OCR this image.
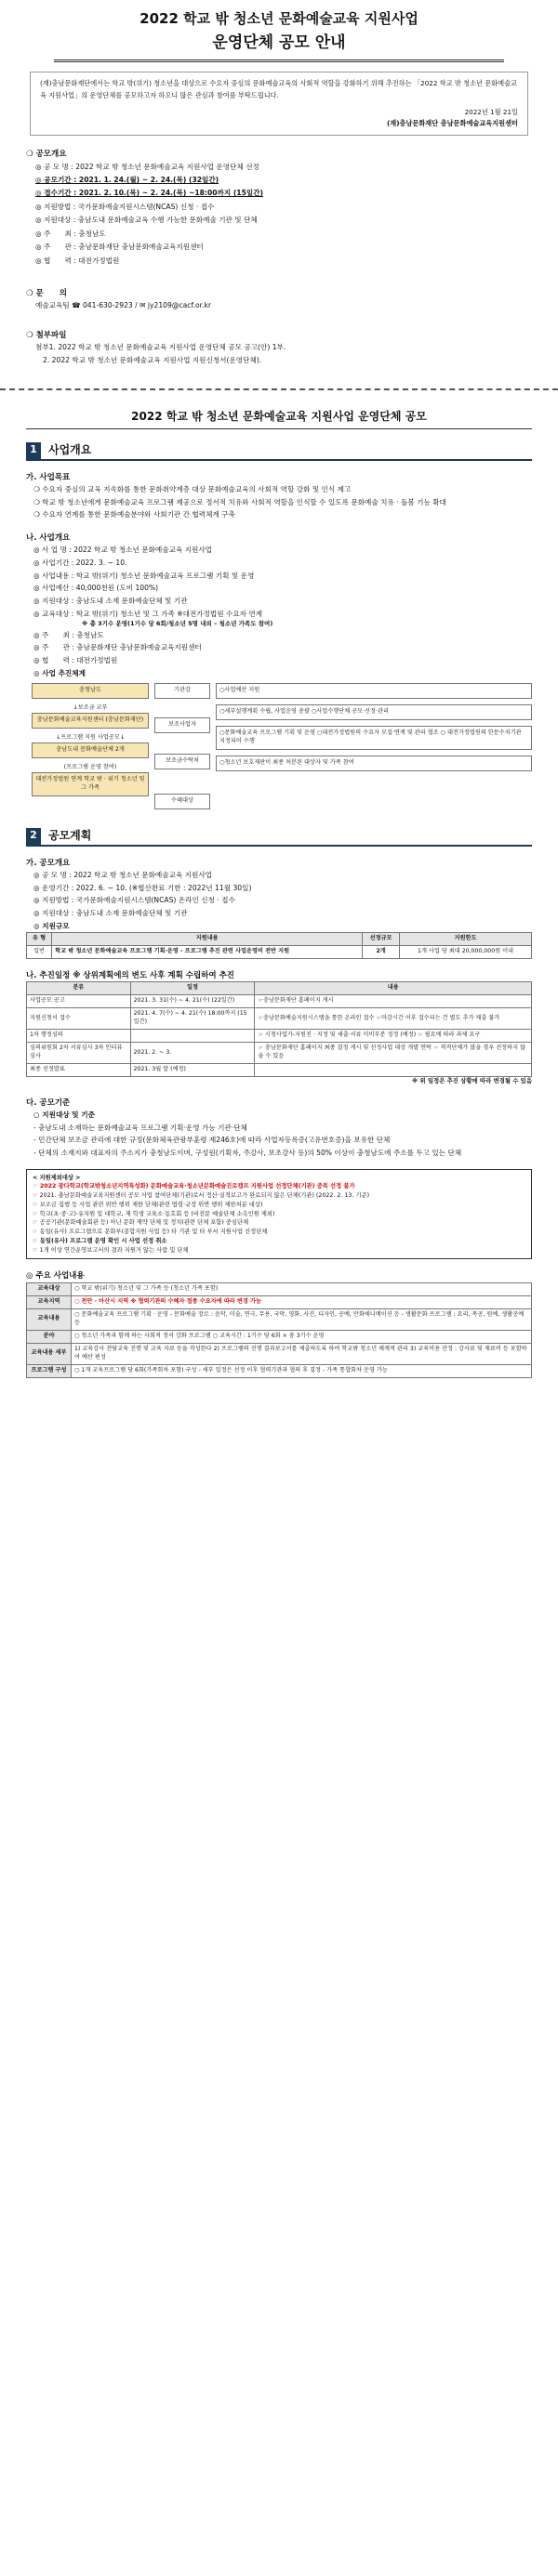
2022 학교 밖 청소년 문화예술교육 지원사업
운영단체 공모 안내
(재)충남문화재단에서는 학교 밖(위기) 청소년을 대상으로 수요자 중심의 문화예술교육의 사회적 역할을 강화하기 위해 추진하는 「2022 학교 밖 청소년 문화예술교육 지원사업」의 운영단체를 공모하고자 하오니 많은 관심과 참여를 부탁드립니다.
2022년 1월 21일
(재)충남문화재단 충남문화예술교육지원센터
❍ 공모개요
◎ 공 모 명 : 2022 학교 밖 청소년 문화예술교육 지원사업 운영단체 선정
◎ 공모기간 : 2021. 1. 24.(월) ~ 2. 24.(목) (32일간)
◎ 접수기간 : 2021. 2. 10.(목) ~ 2. 24.(목) ~18:00까지 (15일간)
◎ 지원방법 : 국가문화예술지원시스템(NCAS) 신청 · 접수
◎ 지원대상 : 충남도내 문화예술교육 수행 가능한 문화예술 기관 및 단체
◎ 주　　최 : 충청남도
◎ 주　　관 : 충남문화재단 충남문화예술교육지원센터
◎ 협　　력 : 대전가정법원
❍ 문　　의
예술교육팀 ☎ 041-630-2923 / ✉ jy2109@cacf.or.kr
❍ 첨부파일
첨부1. 2022 학교 밖 청소년 문화예술교육 지원사업 운영단체 공모 공고(안) 1부.
2. 2022 학교 밖 청소년 문화예술교육 지원사업 지원신청서(운영단체).
2022 학교 밖 청소년 문화예술교육 지원사업 운영단체 공모
1	사업개요
가. 사업목표
❍ 수요자 중심의 교육 지속화를 통한 문화취약계층 대상 문화예술교육의 사회적 역할 강화 및 인식 제고
❍ 학교 밖 청소년에게 문화예술교육 프로그램 제공으로 정서적 치유와 사회적 역할을 인식할 수 있도록 문화예술 치유 · 돌봄 기능 확대
❍ 수요자 연계를 통한 문화예술분야와 사회기관 간 협력체계 구축
나. 사업개요
◎ 사 업 명 : 2022 학교 밖 청소년 문화예술교육 지원사업
◎ 사업기간 : 2022. 3. ~ 10.
◎ 사업내용 : 학교 밖(위기) 청소년 문화예술교육 프로그램 기획 및 운영
◎ 사업예산 : 40,000천원 (도비 100%)
◎ 지원대상 : 충남도내 소재 문화예술단체 및 기관
◎ 교육대상 : 학교 밖(위기) 청소년 및 그 가족 ※대전가정법원 수요자 연계
※ 총 3기수 운영(1기수 당 6회/청소년 5명 내외 – 청소년 가족도 참여)
◎ 주　　최 : 충청남도
◎ 주　　관 : 충남문화재단 충남문화예술교육지원센터
◎ 협　　력 : 대전가정법원
◎ 사업 추진체계
충청남도
↓보조금 교부
충남문화예술교육지원센터 (충남문화재단)
↓프로그램 지원 사업공모↓
충남도내 문화예술단체 2개
(프로그램 운영 참여)
대전가정법원 연계 학교 밖 · 위기 청소년 및 그 가족
기관감
보조사업자
보조금수탁처
수혜대상
○사업예산 지원
○세부설행계획 수립, 사업운영 총괄 ○사업수행단체 공모·선정·관리
○문화예술교육 프로그램 기획 및 운영 ○대전가정법원의 수요자 모집·연계 및 관리 협조 ○ 대전가정법원의 한문수치기관 지정되어 수행
○청소년 보호재판이 최종 처분된 대상자 및 가족 참여
2	공모계획
가. 공모개요
◎ 공 모 명 : 2022 학교 밖 청소년 문화예술교육 지원사업
◎ 운영기간 : 2022. 6. ~ 10. (※협산완료 기한 : 2022년 11월 30일)
◎ 지원방법 : 국가문화예술지원시스템(NCAS) 온라인 신청 · 접수
◎ 지원대상 : 충남도내 소재 문화예술단체 및 기관
◎ 지원규모
유 형	지원내용	선정규모	지원한도
일반	학교 밖 청소년 문화예술교육 프로그램 기획·운영 - 프로그램 추진 관련 사업운영비 전반 지원	2개	1개 사업 당 최대 20,000,000원 이내
나. 추진일정 ※ 상위계획에의 변도 사후 계획 수립하여 추진
분류	일정	내용
사업공모 공고	2021. 3. 31(수) ~ 4. 21(수) (22일간)	☞충남문화재단 홈페이지 게시
지원신청서 접수	2021. 4. 7(수) ~ 4. 21(수) 18:00까지 (15일간)	☞충남문화예술지원시스템을 통한 온라인 접수 ☞마감시간 이후 접수되는 건 별도 추가 제출 불가
1차 행정심의		☞ 시청사업가-지원진 · 지정 및 세출·서류 미비부분 정정 (예정) ☞ 필요에 따라 과제 요구
심의위원회 2차 서류심사 3차 인터뷰 심사	2021. 2. ~ 3.	☞ 충남문화재단 홈페이지 최종 결정 게시 및 선정사업 대상 개별 연락 ☞ 적격단체가 많을 경우 선정하지 않을 수 있음
최종 선정발표	2021. 3월 말 (예정)	
※ 위 일정은 추진 상황에 따라 변경될 수 있음
다. 공모기준
○ 지원대상 및 기준
- 충남도내 소재하는 문화예술교육 프로그램 기획·운영 가능 기관·단체
- 민간단체 보조금 관리에 대한 규정(문화체육관광부훈령 제246호)에 따라 사업자등록증(고유번호증)을 보유한 단체
- 단체의 소재지와 대표자의 주소지가 충청남도이며, 구성원(기획자, 주강사, 보조강사 등)의 50% 이상이 충청남도에 주소를 두고 있는 단체
< 지원제외대상 >
☞ 2022 광다학교(학교밖청소년지역특성화) 문화예술교육·청소년문화예술진로캠프 지원사업 선정단체(기관) 중복 선정 불가
☞ 2021. 충남문화예술교육지원센터 공모 사업 참여단체(기관)로서 정산·실적보고가 완료되지 않은 단체(기관) (2022. 2. 13. 기준)
☞ 보조금 집행 등 사업 관련 위반 행위 제한 단체(관련 법령·규정 위반 행위 제한처분 대상)
☞ 학교(초·중·고)·유치원 및 대학교, 재 학생 교육소·동호회 등 (비전문 예술단체 소속인원 제외)
☞ 공공기관(문화예술회관 등) 아닌 문화 제약 단체 및 정치(관련 단체 포함) 중심단체
☞ 동일(유사) 프로그램으로 문화부(종합지원 사업 등) 타 기관 및 타 부서 지원사업 선정단체
☞ 동일(유사) 프로그램 운영 확인 시 사업 선정 취소
☞ 1개 이상 연간운영보고서의 결과 지원거 않는 사람 및 단체
◎ 주요 사업내용
교육대상	○ 학교 밖(위기) 청소년 및 그 가족 등 (청소년 가족 포함)
교육지역	○ 천안 · 아산시 지역 ※ 협력기관의 수혜자 접종 수요자에 따라 변경 가능
교육내용	○ 문화예술교육 프로그램 기획 · 운영 - 문화예술 장르 : 음악, 미술, 연극, 무용, 국악, 영화, 사진, 디자인, 공예, 만화애니메이션 등 - 생활문화 프로그램 : 요리, 목공, 원예, 생활공예 등
분야	○ 청소년 가족과 함께 하는 사회적 정서 강화 프로그램 ○ 교육시간 : 1기수 당 6회 × 총 3기수 운영
교육내용 세부	1) 교육강사 전담교육 진행 및 교육 자료 등을 작성한다 2) 프로그램의 진행 결과보고서를 제출하도록 하여 학교밖 청소년 체계적 관리 3) 교육비용 산정 : 강사료 및 재료비 등 포함하여 예산 편성
프로그램 구성	○ 1개 교육프로그램 당 6회(가족회차 포함) 구성 - 세부 일정은 선정 이후 협력기관과 협의 후 결정 - 가족 통합회차 운영 가능
